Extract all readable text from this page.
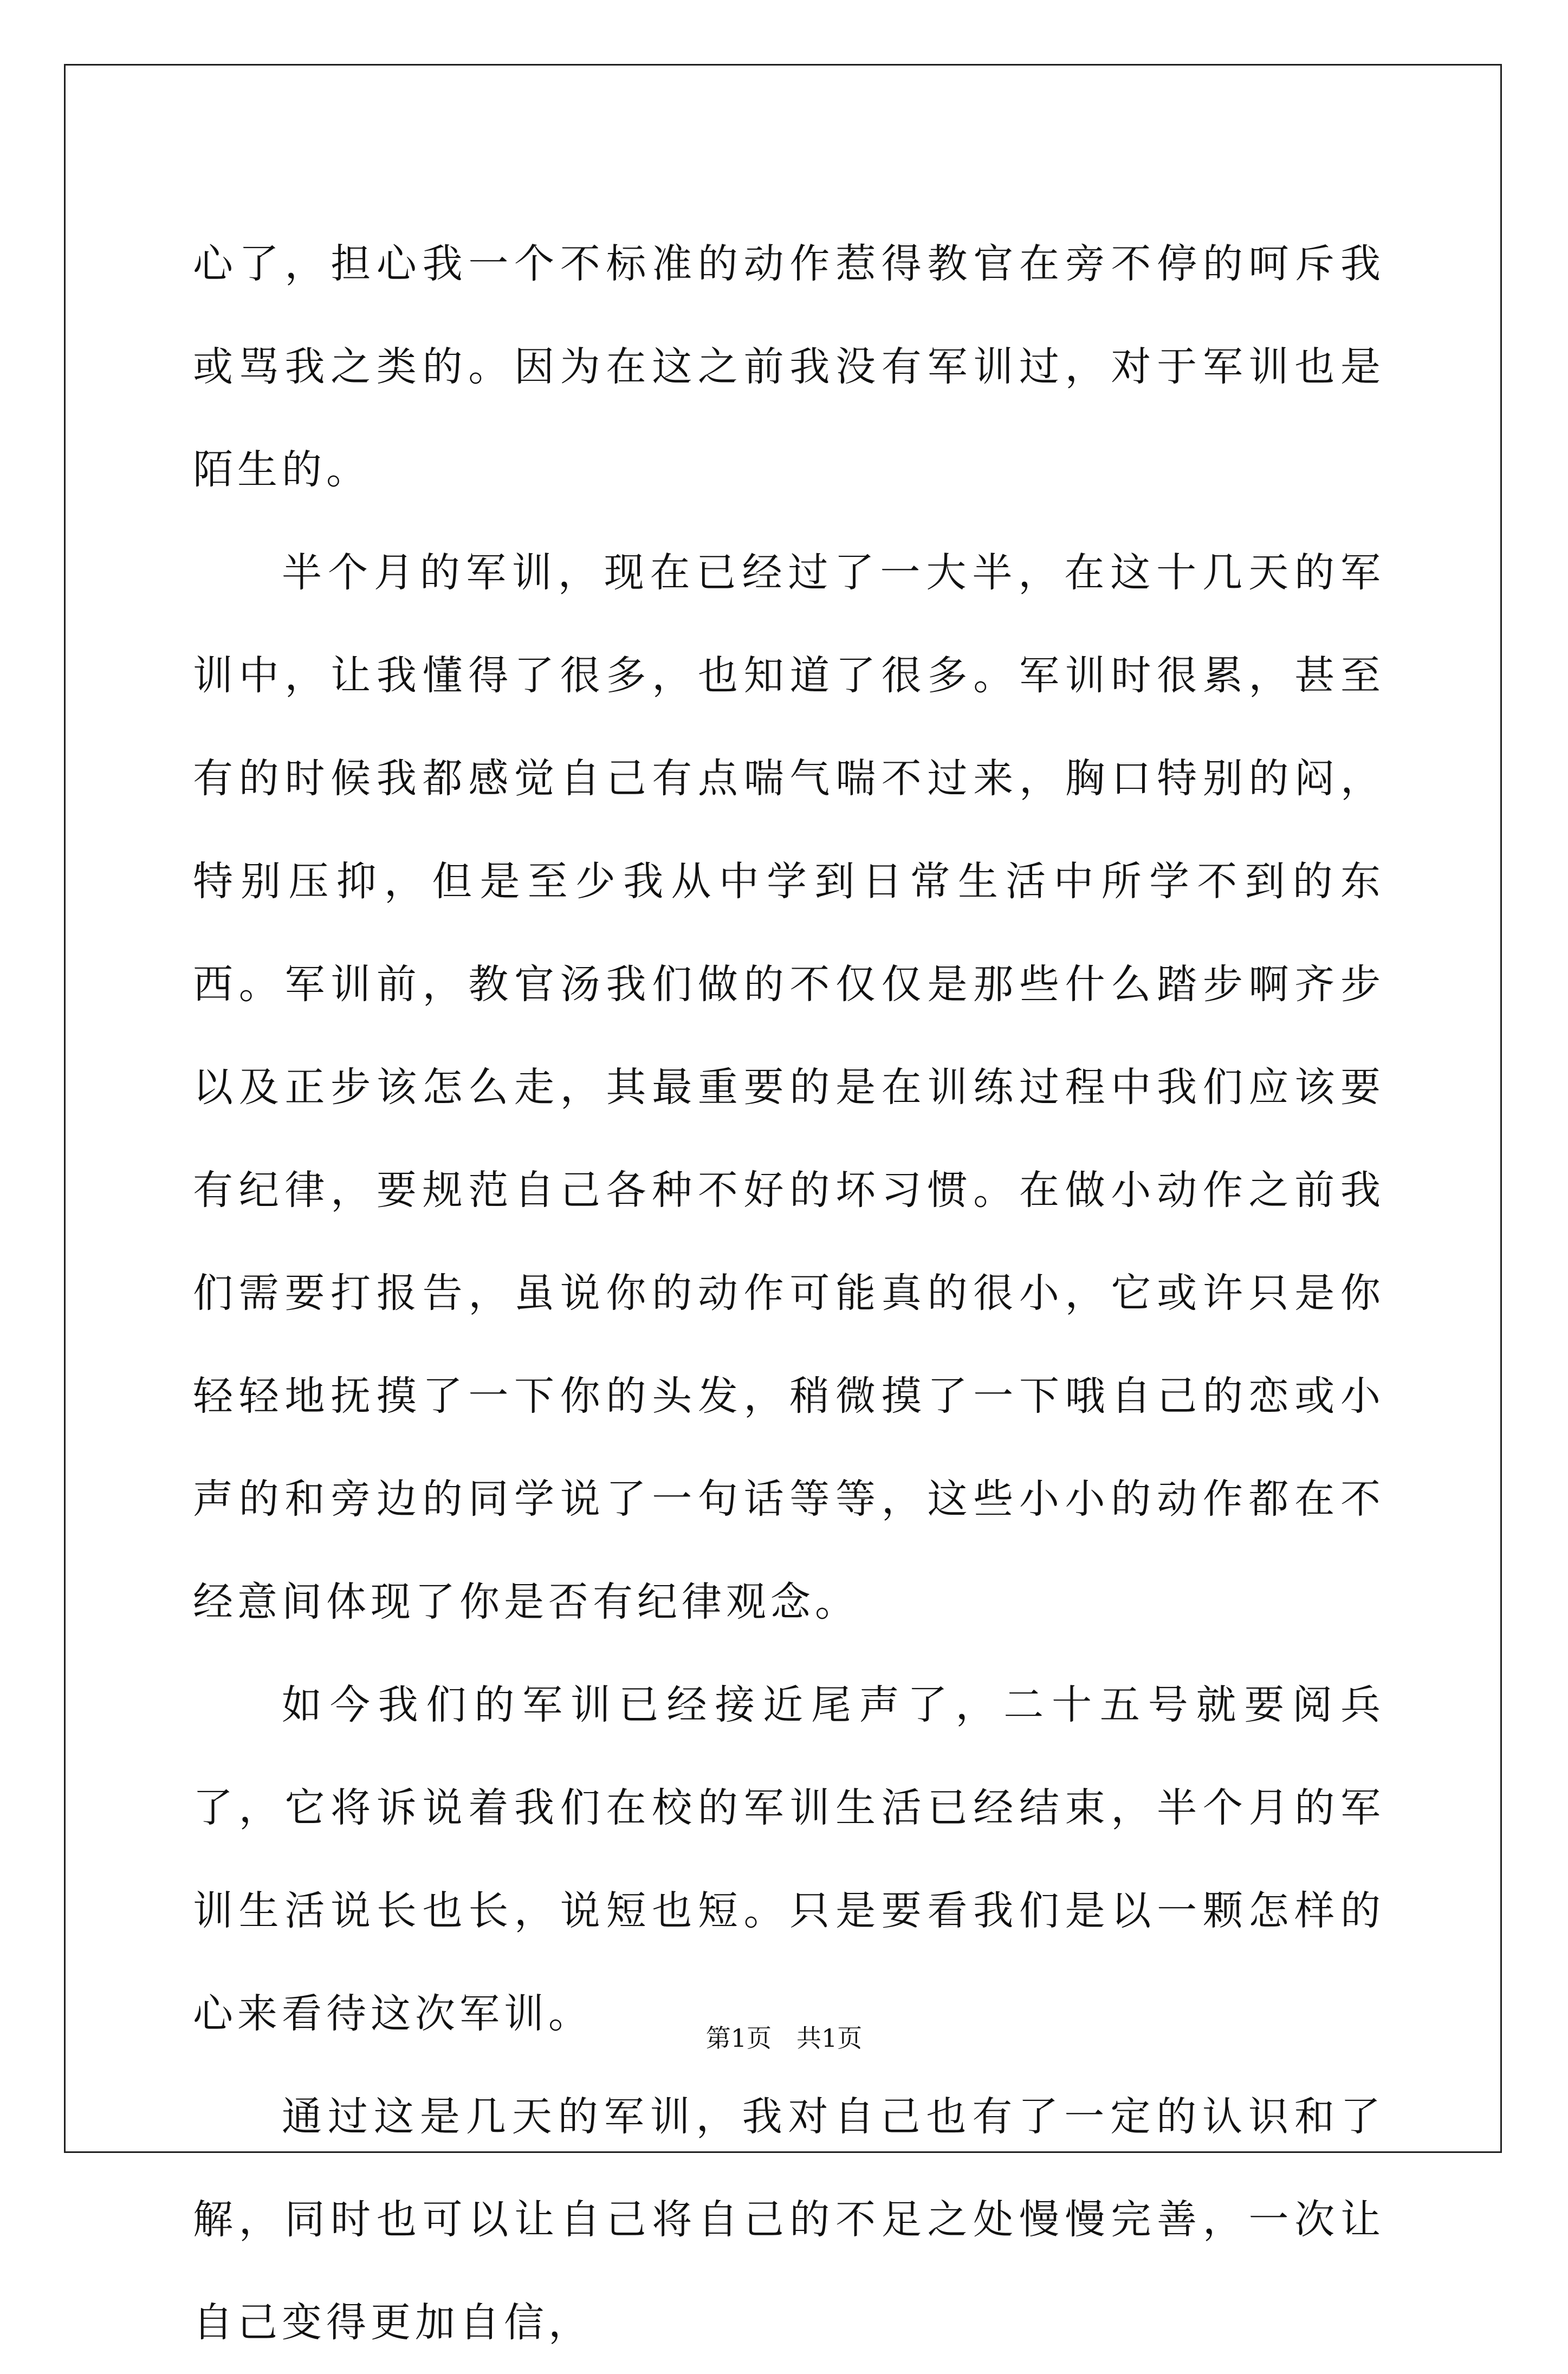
心了，担心我一个不标准的动作惹得教官在旁不停的呵斥我或骂我之类的。因为在这之前我没有军训过，对于军训也是陌生的。

半个月的军训，现在已经过了一大半，在这十几天的军训中，让我懂得了很多，也知道了很多。军训时很累，甚至有的时候我都感觉自己有点喘气喘不过来，胸口特别的闷，特别压抑，但是至少我从中学到日常生活中所学不到的东西。军训前，教官汤我们做的不仅仅是那些什么踏步啊齐步以及正步该怎么走，其最重要的是在训练过程中我们应该要有纪律，要规范自己各种不好的坏习惯。在做小动作之前我们需要打报告，虽说你的动作可能真的很小，它或许只是你轻轻地抚摸了一下你的头发，稍微摸了一下哦自己的恋或小声的和旁边的同学说了一句话等等，这些小小的动作都在不经意间体现了你是否有纪律观念。

如今我们的军训已经接近尾声了，二十五号就要阅兵了，它将诉说着我们在校的军训生活已经结束，半个月的军训生活说长也长，说短也短。只是要看我们是以一颗怎样的心来看待这次军训。

通过这是几天的军训，我对自己也有了一定的认识和了解，同时也可以让自己将自己的不足之处慢慢完善，一次让自己变得更加自信，

第1页 共1页
